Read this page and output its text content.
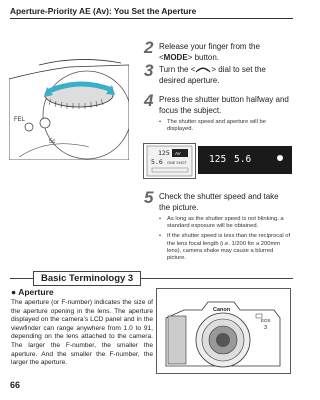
Aperture-Priority AE (Av): You Set the Aperture
FEL
5c
2 Release your finger from the <MODE> button.
3 Turn the < > dial to set the desired aperture.
4 Press the shutter button halfway and focus the subject.
•	The shutter speed and aperture will be displayed.
125
5.6
AV
ONE SHOT 125 5.6
5 Check the shutter speed and take the picture.
•	As long as the shutter speed is not blinking, a standard exposure will be obtained.
•	If the shutter speed is less than the reciprocal of the lens focal length (i.e. 1/200 for a 200mm lens), camera shake may cause a blurred picture.
Basic Terminology 3
● Aperture
The aperture (or F-number) indicates the size of the aperture opening in the lens. The aperture displayed on the camera’s LCD panel and in the viewfinder can range anywhere from 1.0 to 91, depending on the lens attached to the camera. The larger the F-number, the smaller the aperture. And the smaller the F-number, the larger the aperture.
Canon
EOS
3
66
